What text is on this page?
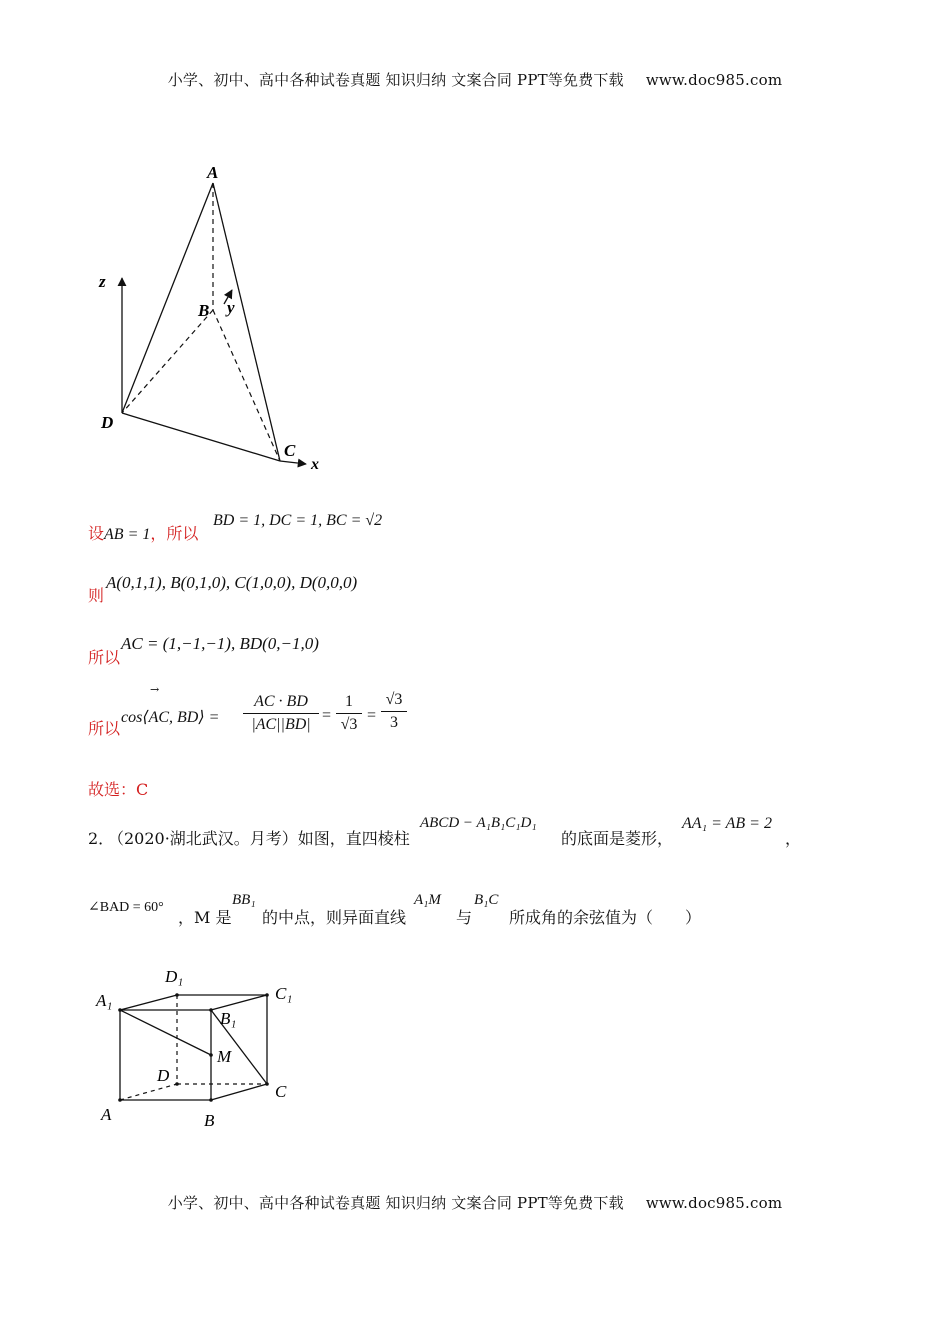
小学、初中、高中各种试卷真题 知识归纳 文案合同 PPT等免费下载 www.doc985.com
A
B y
z
D
C
x
设AB = 1，所以
BD = 1, DC = 1, BC = √2
则
A(0,1,1), B(0,1,0), C(1,0,0), D(0,0,0)
所以
AC = (1,−1,−1), BD(0,−1,0)
所以
cos⟨AC, BD⟩ =
→
AC · BD
|AC||BD|
=
1
√3
=
√3
3
故选：C
2．
（2020·湖北武汉。月考）如图，直四棱柱
ABCD − A₁B₁C₁D₁
的底面是菱形，
AA₁ = AB = 2
，
∠BAD = 60°
，M 是
BB₁
的中点，则异面直线
A₁M
与
B₁C
所成角的余弦值为（　　）
A₁
D₁
C₁
B₁
M
D
C
A	B
小学、初中、高中各种试卷真题 知识归纳 文案合同 PPT等免费下载 www.doc985.com
